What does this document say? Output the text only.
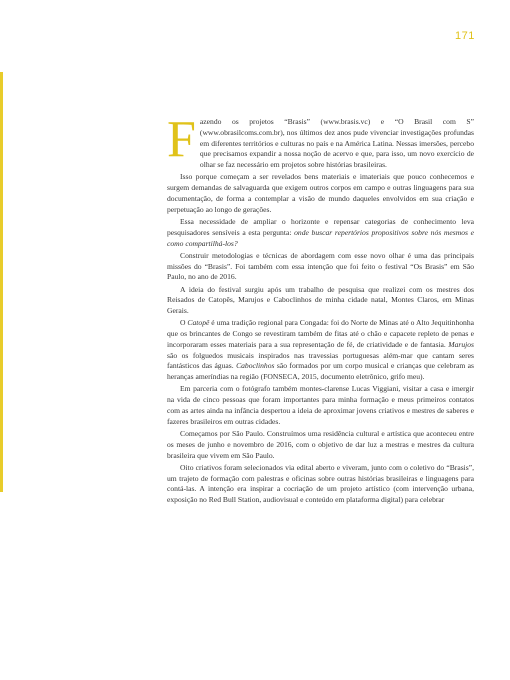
171

Fazendo os projetos “Brasis” (www.brasis.vc) e “O Brasil com S” (www.obrasilcoms.com.br), nos últimos dez anos pude vivenciar investigações profundas em diferentes territórios e culturas no país e na América Latina. Nessas imersões, percebo que precisamos expandir a nossa noção de acervo e que, para isso, um novo exercício de olhar se faz necessário em projetos sobre histórias brasileiras.

Isso porque começam a ser revelados bens materiais e imateriais que pouco conhecemos e surgem demandas de salvaguarda que exigem outros corpos em campo e outras linguagens para sua documentação, de forma a contemplar a visão de mundo daqueles envolvidos em sua criação e perpetuação ao longo de gerações.

Essa necessidade de ampliar o horizonte e repensar categorias de conhecimento leva pesquisadores sensíveis a esta pergunta: onde buscar repertórios propositivos sobre nós mesmos e como compartilhá-los?

Construir metodologias e técnicas de abordagem com esse novo olhar é uma das principais missões do “Brasis”. Foi também com essa intenção que foi feito o festival “Os Brasis” em São Paulo, no ano de 2016.

A ideia do festival surgiu após um trabalho de pesquisa que realizei com os mestres dos Reisados de Catopês, Marujos e Caboclinhos de minha cidade natal, Montes Claros, em Minas Gerais.

O Catopê é uma tradição regional para Congada: foi do Norte de Minas até o Alto Jequitinhonha que os brincantes de Congo se revestiram também de fitas até o chão e capacete repleto de penas e incorporaram esses materiais para a sua representação de fé, de criatividade e de fantasia. Marujos são os folguedos musicais inspirados nas travessias portuguesas além-mar que cantam seres fantásticos das águas. Caboclinhos são formados por um corpo musical e crianças que celebram as heranças ameríndias na região (FONSECA, 2015, documento eletrônico, grifo meu).

Em parceria com o fotógrafo também montes-clarense Lucas Viggiani, visitar a casa e imergir na vida de cinco pessoas que foram importantes para minha formação e meus primeiros contatos com as artes ainda na infância despertou a ideia de aproximar jovens criativos e mestres de saberes e fazeres brasileiros em outras cidades.

Começamos por São Paulo. Construímos uma residência cultural e artística que aconteceu entre os meses de junho e novembro de 2016, com o objetivo de dar luz a mestras e mestres da cultura brasileira que vivem em São Paulo.

Oito criativos foram selecionados via edital aberto e viveram, junto com o coletivo do “Brasis”, um trajeto de formação com palestras e oficinas sobre outras histórias brasileiras e linguagens para contá-las. A intenção era inspirar a cocriação de um projeto artístico (com intervenção urbana, exposição no Red Bull Station, audiovisual e conteúdo em plataforma digital) para celebrar
